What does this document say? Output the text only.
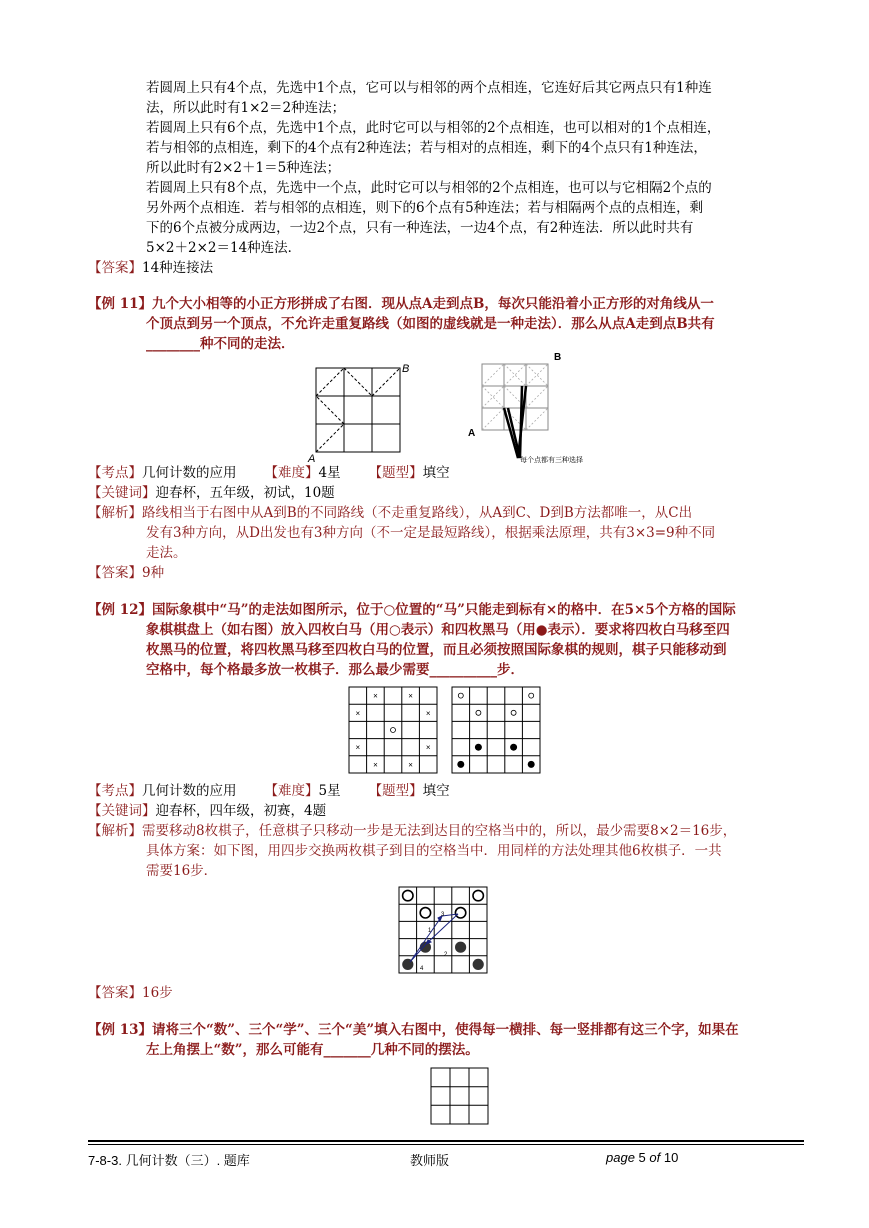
若圆周上只有4个点，先选中1个点，它可以与相邻的两个点相连，它连好后其它两点只有1种连
法，所以此时有1×2＝2种连法；
若圆周上只有6个点，先选中1个点，此时它可以与相邻的2个点相连，也可以相对的1个点相连，
若与相邻的点相连，剩下的4个点有2种连法；若与相对的点相连，剩下的4个点只有1种连法，
所以此时有2×2＋1＝5种连法；
若圆周上只有8个点，先选中一个点，此时它可以与相邻的2个点相连，也可以与它相隔2个点的
另外两个点相连．若与相邻的点相连，则下的6个点有5种连法；若与相隔两个点的点相连，剩
下的6个点被分成两边，一边2个点，只有一种连法，一边4个点，有2种连法．所以此时共有
5×2＋2×2＝14种连法．
【答案】14种连接法
【例 11】 九个大小相等的小正方形拼成了右图．现从点A走到点B，每次只能沿着小正方形的对角线从一
个顶点到另一个顶点，不允许走重复路线（如图的虚线就是一种走法）．那么从点A走到点B共有
________种不同的走法．
A
B
A
B
每个点都有三种选择
【考点】几何计数的应用 【难度】4星 【题型】填空
【关键词】迎春杯，五年级，初试，10题
【解析】路线相当于右图中从A到B的不同路线（不走重复路线），从A到C、D到B方法都唯一，从C出
发有3种方向，从D出发也有3种方向（不一定是最短路线），根据乘法原理，共有3×3=9种不同
走法。
【答案】9种
【例 12】 国际象棋中“马”的走法如图所示，位于○位置的“马”只能走到标有×的格中．在5×5个方格的国际
象棋棋盘上（如右图）放入四枚白马（用○表示）和四枚黑马（用●表示）．要求将四枚白马移至四
枚黑马的位置，将四枚黑马移至四枚白马的位置，而且必须按照国际象棋的规则，棋子只能移动到
空格中，每个格最多放一枚棋子．那么最少需要__________步．
×	×
×	×
×	×
×	×
【考点】几何计数的应用 【难度】5星 【题型】填空
【关键词】迎春杯，四年级，初赛，4题
【解析】需要移动8枚棋子，任意棋子只移动一步是无法到达目的空格当中的，所以，最少需要8×2＝16步，
具体方案：如下图，用四步交换两枚棋子到目的空格当中．用同样的方法处理其他6枚棋子．一共
需要16步．
1
2
3
4
【答案】16步
【例 13】 请将三个“数”、三个“学”、三个“美”填入右图中，使得每一横排、每一竖排都有这三个字，如果在
左上角摆上“数”，那么可能有_______几种不同的摆法。
7-8-3. 几何计数（三）. 题库	教师版	page 5 of 10
